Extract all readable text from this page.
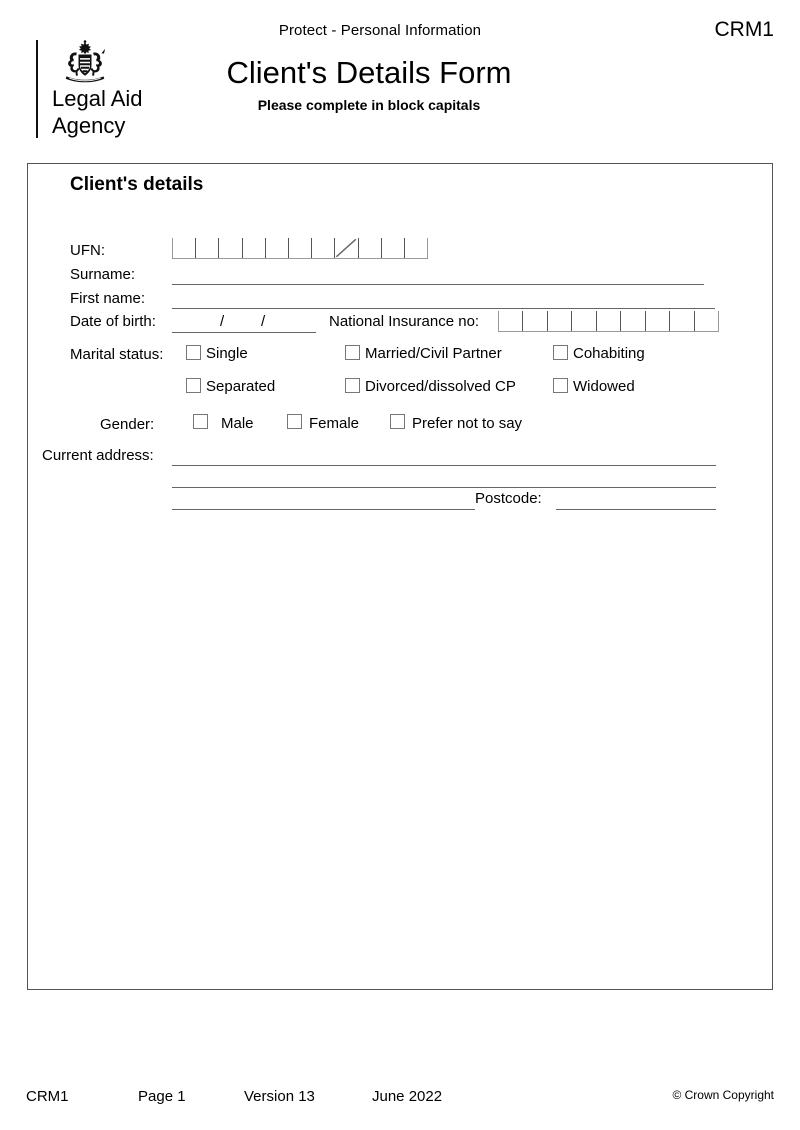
Protect - Personal Information	CRM1
Legal Aid
Agency
Client's Details Form

Please complete in block capitals

Client's details
UFN:
Surname:
First name:
Date of birth:	/ /	National Insurance no:
Marital status:	Single	Married/Civil Partner	Cohabiting
Separated	Divorced/dissolved CP	Widowed
Gender:	Male	Female	Prefer not to say
Current address:
Postcode:
CRM1	Page 1	Version 13	June 2022	© Crown Copyright
